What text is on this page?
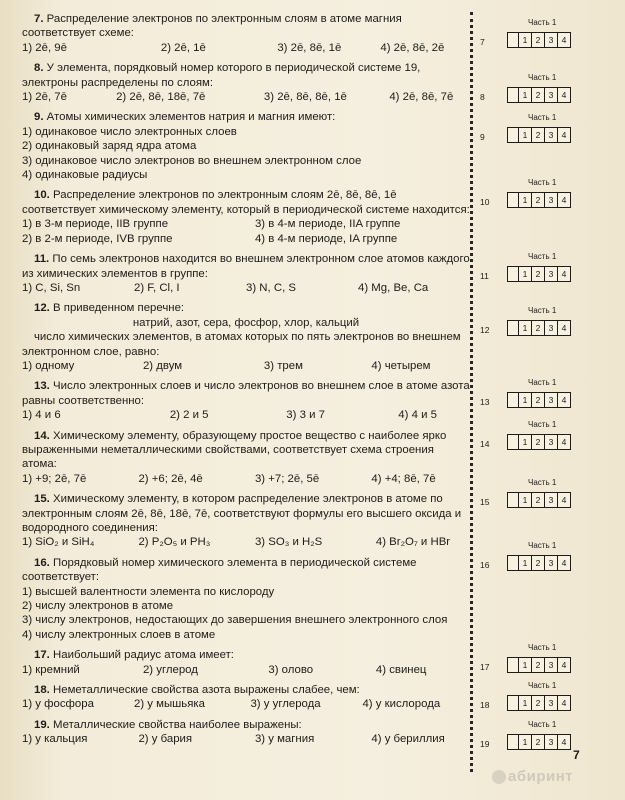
7. Распределение электронов по электронным слоям в атоме магния соответствует схеме:
1) 2ē, 9ē	2) 2ē, 1ē	3) 2ē, 8ē, 1ē	4) 2ē, 8ē, 2ē
8. У элемента, порядковый номер которого в периодической системе 19, электроны распределены по слоям:
1) 2ē, 7ē	2) 2ē, 8ē, 18ē, 7ē	3) 2ē, 8ē, 8ē, 1ē	4) 2ē, 8ē, 7ē
9. Атомы химических элементов натрия и магния имеют:
1) одинаковое число электронных слоев
2) одинаковый заряд ядра атома
3) одинаковое число электронов во внешнем электронном слое
4) одинаковые радиусы
10. Распределение электронов по электронным слоям 2ē, 8ē, 8ē, 1ē соответствует химическому элементу, который в периодической системе находится:
1) в 3-м периоде, IIB группе	3) в 4-м периоде, IIA группе
2) в 2-м периоде, IVB группе	4) в 4-м периоде, IA группе
11. По семь электронов находится во внешнем электронном слое атомов каждого из химических элементов в группе:
1) C, Si, Sn	2) F, Cl, I	3) N, C, S	4) Mg, Be, Ca
12. В приведенном перечне:
натрий, азот, сера, фосфор, хлор, кальций
число химических элементов, в атомах которых по пять электронов во внешнем электронном слое, равно:
1) одному	2) двум	3) трем	4) четырем
13. Число электронных слоев и число электронов во внешнем слое в атоме азота равны соответственно:
1) 4 и 6	2) 2 и 5	3) 3 и 7	4) 4 и 5
14. Химическому элементу, образующему простое вещество с наиболее ярко выраженными неметаллическими свойствами, соответствует схема строения атома:
1) +9; 2ē, 7ē	2) +6; 2ē, 4ē	3) +7; 2ē, 5ē	4) +4; 8ē, 7ē
15. Химическому элементу, в котором распределение электронов в атоме по электронным слоям 2ē, 8ē, 18ē, 7ē, соответствуют формулы его высшего оксида и водородного соединения:
1) SiO₂ и SiH₄	2) P₂O₅ и PH₃	3) SO₃ и H₂S	4) Br₂O₇ и HBr
16. Порядковый номер химического элемента в периодической системе соответствует:
1) высшей валентности элемента по кислороду
2) числу электронов в атоме
3) числу электронов, недостающих до завершения внешнего электронного слоя
4) числу электронных слоев в атоме
17. Наибольший радиус атома имеет:
1) кремний	2) углерод	3) олово	4) свинец
18. Неметаллические свойства азота выражены слабее, чем:
1) у фосфора	2) у мышьяка	3) у углерода	4) у кислорода
19. Металлические свойства наиболее выражены:
1) у кальция	2) у бария	3) у магния	4) у бериллия
Часть 1
7	1 2 3 4
Часть 1
8	1 2 3 4
Часть 1
9	1 2 3 4
Часть 1
10	1 2 3 4
Часть 1
11	1 2 3 4
Часть 1
12	1 2 3 4
Часть 1
13	1 2 3 4
Часть 1
14	1 2 3 4
Часть 1
15	1 2 3 4
Часть 1
16	1 2 3 4
Часть 1
17	1 2 3 4
Часть 1
18	1 2 3 4
Часть 1
19	1 2 3 4
7
абиринт
